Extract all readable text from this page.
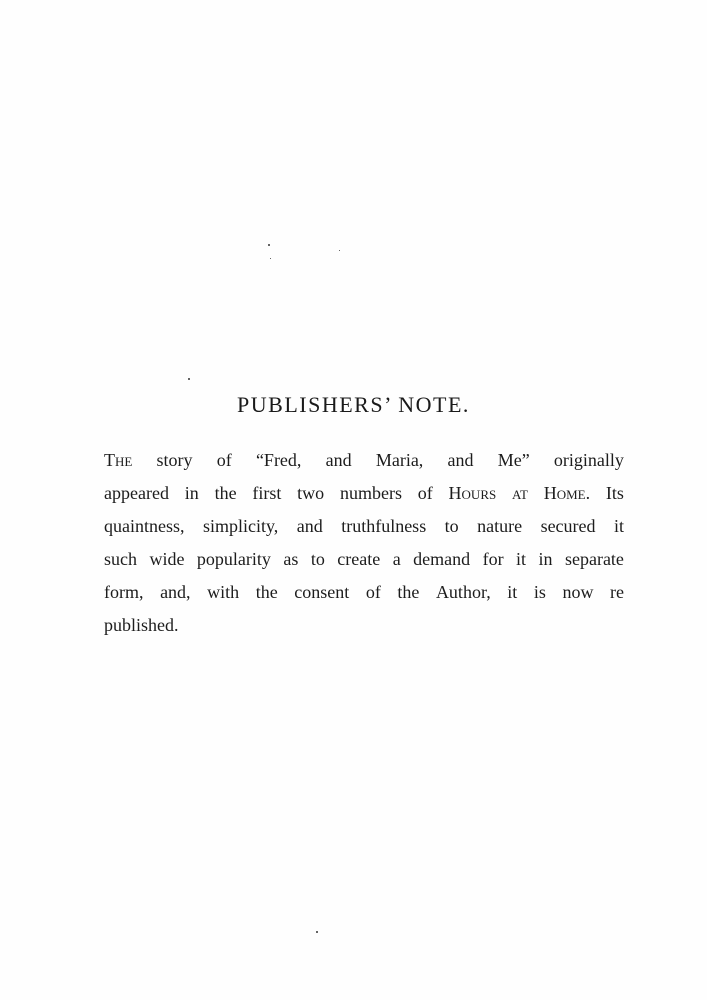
PUBLISHERS’ NOTE.
The story of “Fred, and Maria, and Me” originally
appeared in the first two numbers of Hours at Home. Its
quaintness, simplicity, and truthfulness to nature secured it
such wide popularity as to create a demand for it in separate
form, and, with the consent of the Author, it is now re
published.
